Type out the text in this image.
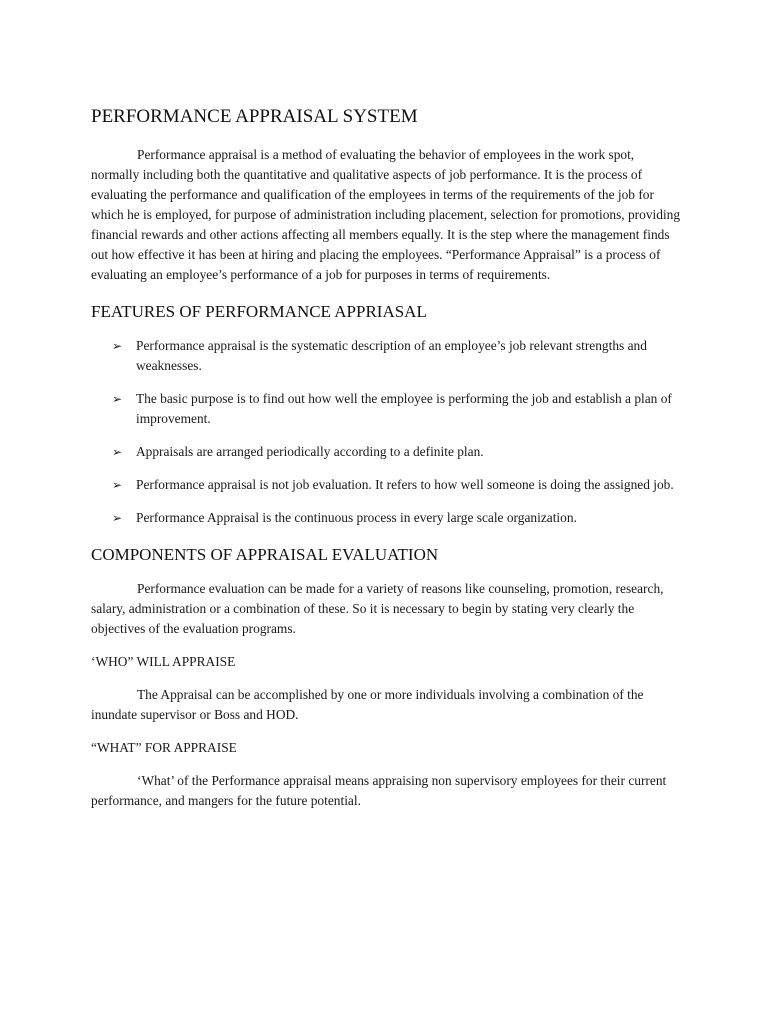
PERFORMANCE APPRAISAL SYSTEM

Performance appraisal is a method of evaluating the behavior of employees in the work spot, normally including both the quantitative and qualitative aspects of job performance. It is the process of evaluating the performance and qualification of the employees in terms of the requirements of the job for which he is employed, for purpose of administration including placement, selection for promotions, providing financial rewards and other actions affecting all members equally. It is the step where the management finds out how effective it has been at hiring and placing the employees. “Performance Appraisal” is a process of evaluating an employee’s performance of a job for purposes in terms of requirements.

FEATURES OF PERFORMANCE APPRIASAL
➢ Performance appraisal is the systematic description of an employee’s job relevant strengths and weaknesses.
➢ The basic purpose is to find out how well the employee is performing the job and establish a plan of improvement.
➢ Appraisals are arranged periodically according to a definite plan.
➢ Performance appraisal is not job evaluation. It refers to how well someone is doing the assigned job.
➢ Performance Appraisal is the continuous process in every large scale organization.
COMPONENTS OF APPRAISAL EVALUATION

Performance evaluation can be made for a variety of reasons like counseling, promotion, research, salary, administration or a combination of these. So it is necessary to begin by stating very clearly the objectives of the evaluation programs.

‘WHO” WILL APPRAISE

The Appraisal can be accomplished by one or more individuals involving a combination of the inundate supervisor or Boss and HOD.

“WHAT” FOR APPRAISE

‘What’ of the Performance appraisal means appraising non supervisory employees for their current performance, and mangers for the future potential.
